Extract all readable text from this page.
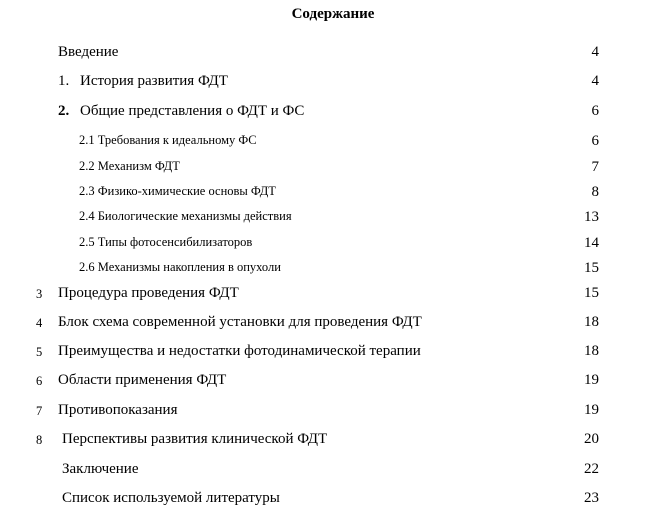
Содержание
Введение	4
1. История развития ФДТ	4
2. Общие представления о ФДТ и ФС	6
2.1 Требования к идеальному ФС	6
2.2 Механизм ФДТ	7
2.3 Физико-химические основы ФДТ	8
2.4 Биологические механизмы действия	13
2.5 Типы фотосенсибилизаторов	14
2.6 Механизмы накопления в опухоли	15
3 Процедура проведения ФДТ	15
4 Блок схема современной установки для проведения ФДТ	18
5 Преимущества и недостатки фотодинамической терапии	18
6 Области применения ФДТ	19
7 Противопоказания	19
8 Перспективы развития клинической ФДТ	20
Заключение	22
Список используемой литературы	23
